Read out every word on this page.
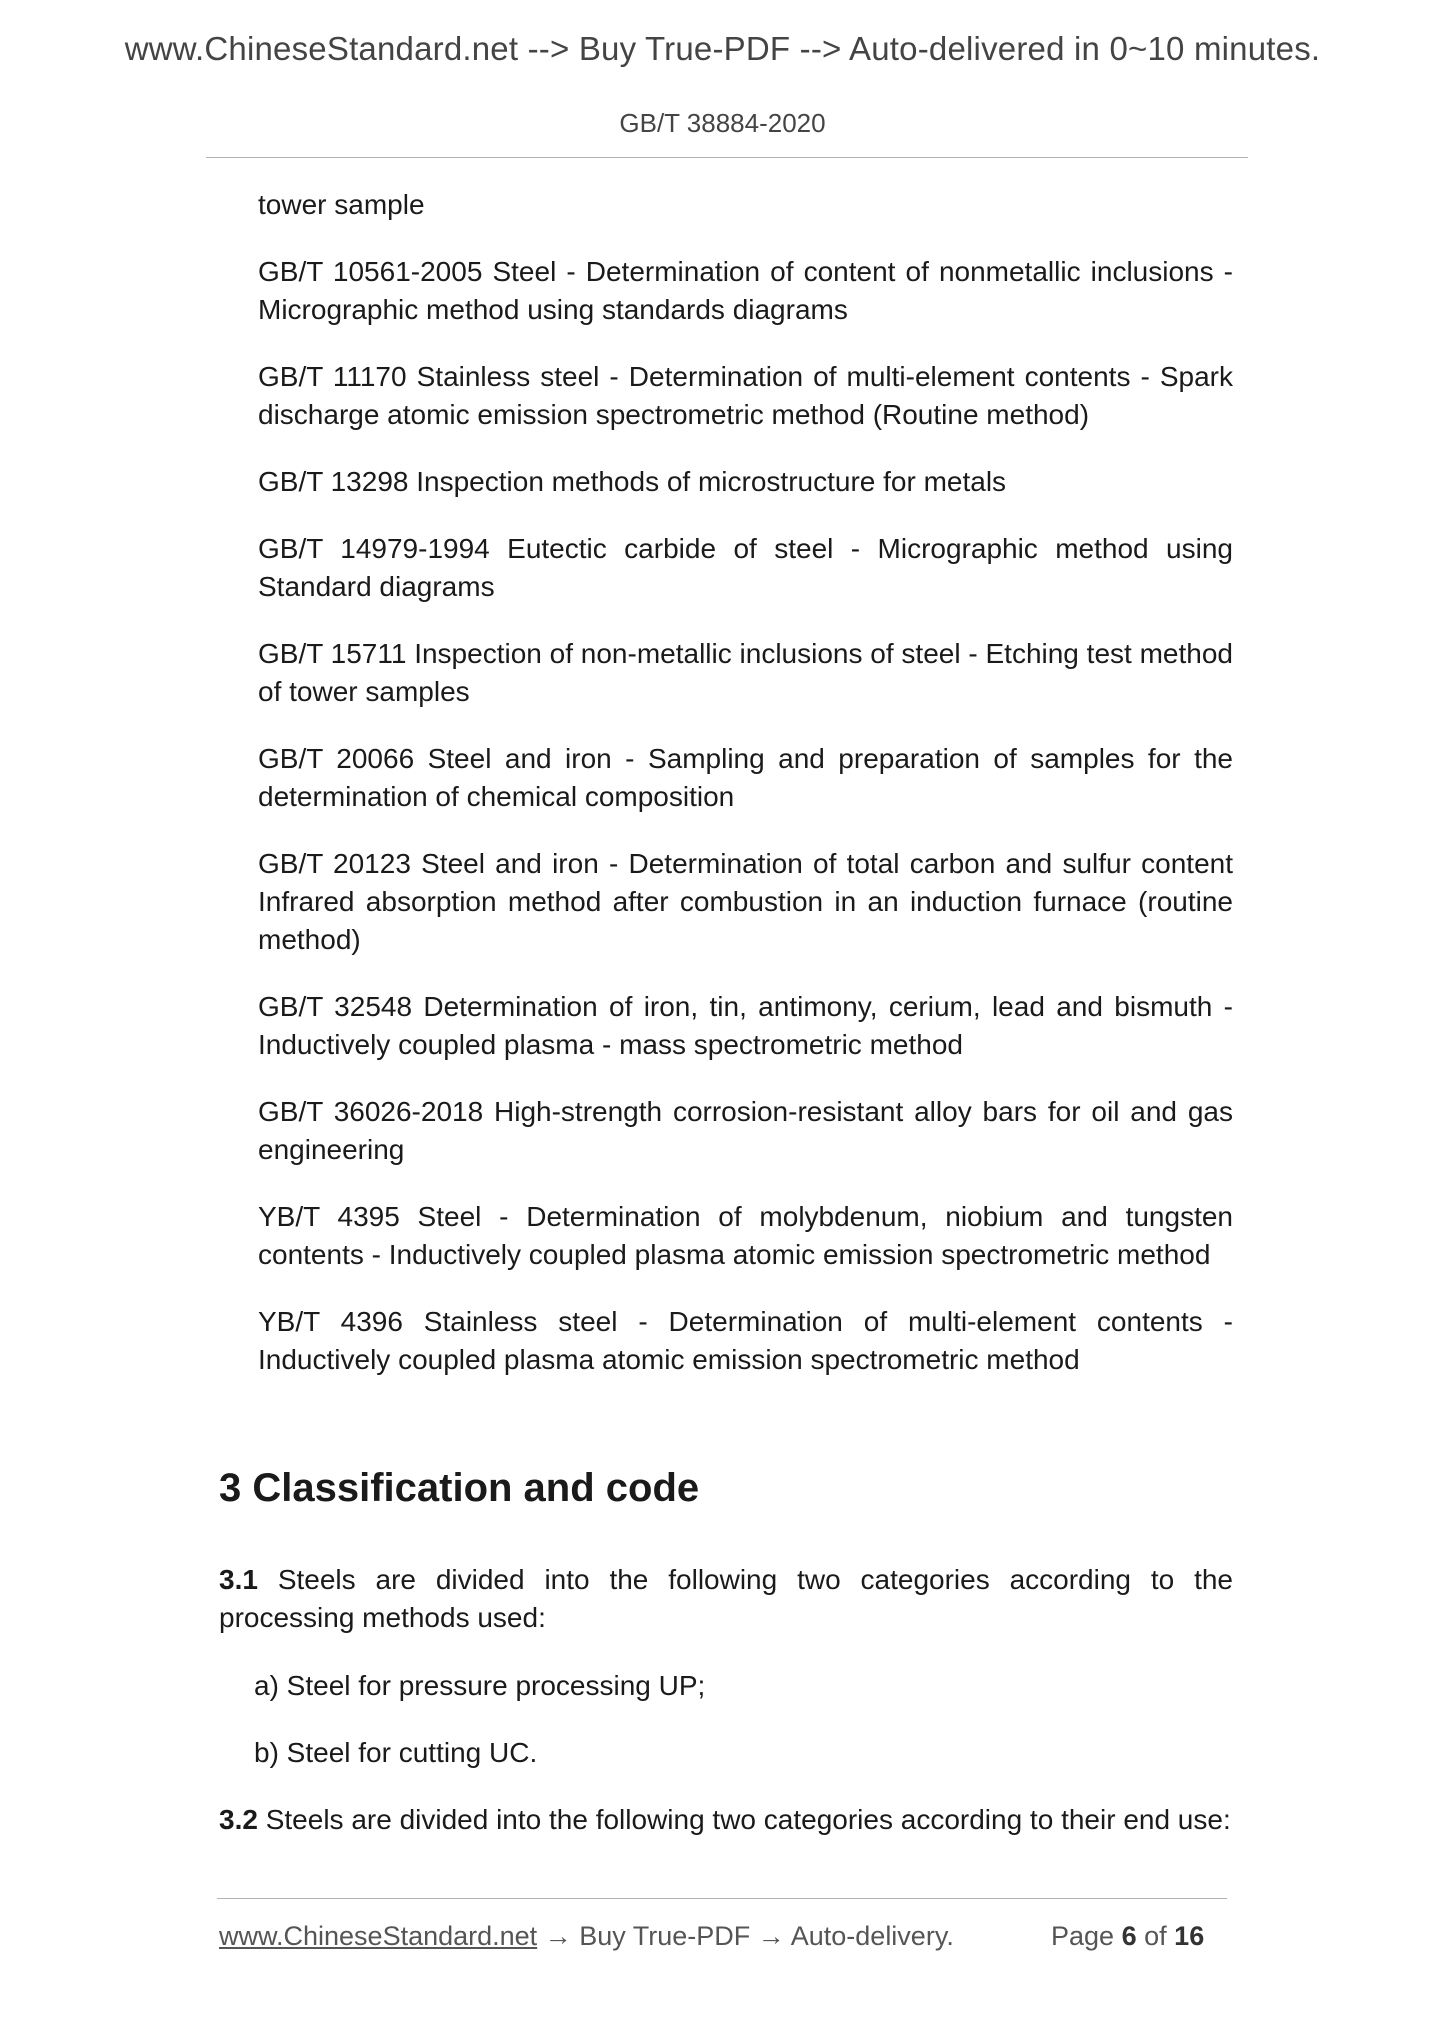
www.ChineseStandard.net --> Buy True-PDF --> Auto-delivered in 0~10 minutes.
GB/T 38884-2020

tower sample

GB/T 10561-2005 Steel - Determination of content of nonmetallic inclusions - Micrographic method using standards diagrams

GB/T 11170 Stainless steel - Determination of multi-element contents - Spark discharge atomic emission spectrometric method (Routine method)

GB/T 13298 Inspection methods of microstructure for metals

GB/T 14979-1994 Eutectic carbide of steel - Micrographic method using Standard diagrams

GB/T 15711 Inspection of non-metallic inclusions of steel - Etching test method of tower samples

GB/T 20066 Steel and iron - Sampling and preparation of samples for the determination of chemical composition

GB/T 20123 Steel and iron - Determination of total carbon and sulfur content Infrared absorption method after combustion in an induction furnace (routine method)

GB/T 32548 Determination of iron, tin, antimony, cerium, lead and bismuth - Inductively coupled plasma - mass spectrometric method

GB/T 36026-2018 High-strength corrosion-resistant alloy bars for oil and gas engineering

YB/T 4395 Steel - Determination of molybdenum, niobium and tungsten contents - Inductively coupled plasma atomic emission spectrometric method

YB/T 4396 Stainless steel - Determination of multi-element contents - Inductively coupled plasma atomic emission spectrometric method

3 Classification and code
3.1 Steels are divided into the following two categories according to the processing methods used:
a) Steel for pressure processing UP;
b) Steel for cutting UC.
3.2 Steels are divided into the following two categories according to their end use:
www.ChineseStandard.net → Buy True-PDF → Auto-delivery.	Page 6 of 16
